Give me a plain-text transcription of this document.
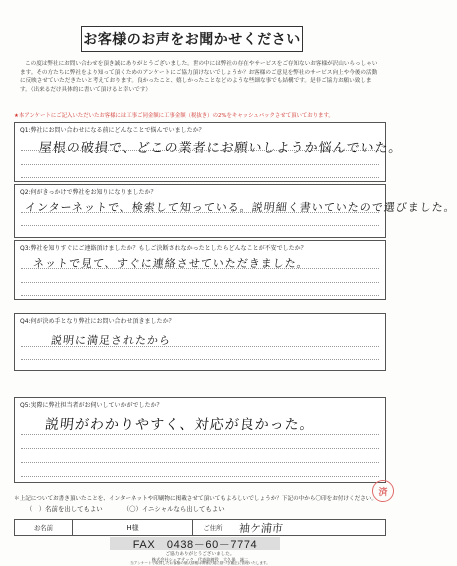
お客様のお声をお聞かせください

この度は弊社にお問い合わせを頂き誠にありがとうございました。世の中には弊社の存在やサービスをご存知ないお客様が沢山いらっしゃいます。その方たちに弊社をより知って頂くためのアンケートにご協力頂けないでしょうか？お客様のご意見を弊社のサービス向上や今後の活動に反映させていただきたいと考えております。良かったこと、嬉しかったことなどのような些細な事でも結構です。是非ご協力お願い致します。（出来るだけ具体的に書いて頂けると幸いです）

★本アンケートにご記入いただいたお客様には工事ご同金額に工事金額（税抜き）の2%をキャッシュバックさせて頂いております。
Q1:弊社にお問い合わせになる前にどんなことで悩んでいましたか？
屋根の破損で、どこの業者にお願いしようか悩んでいた。
Q2:何がきっかけで弊社をお知りになりましたか？
インターネットで、検索して知っている。説明細く書いていたので選びました。
Q3:弊社を知りすぐにご連絡頂けましたか？もしご決断されなかったとしたらどんなことが不安でしたか？
ネットで見て、すぐに連絡させていただきました。
Q4:何が決め手となり弊社にお問い合わせ頂きましたか？
説明に満足されたから
Q5:実際に弊社担当者がお伺いしていかがでしたか？
説明がわかりやすく、対応が良かった。
＊上記についてお書き頂いたことを、インターネットや印刷物に掲載させて頂いてもよろしいでしょうか？下記の中から〇印をお付けください。
（　）名前を出してもよい	（〇）イニシャルなら出してもよい
済
お名前	H様	ご住所	袖ケ浦市
FAX　0438－60－7774
ご協力ありがとうございました。
株式会社シェアテック　代表取締役　大久保　誠二
当アンケートで取得したお客様の個人情報は関係法規に基づき厳正に管理いたします。
